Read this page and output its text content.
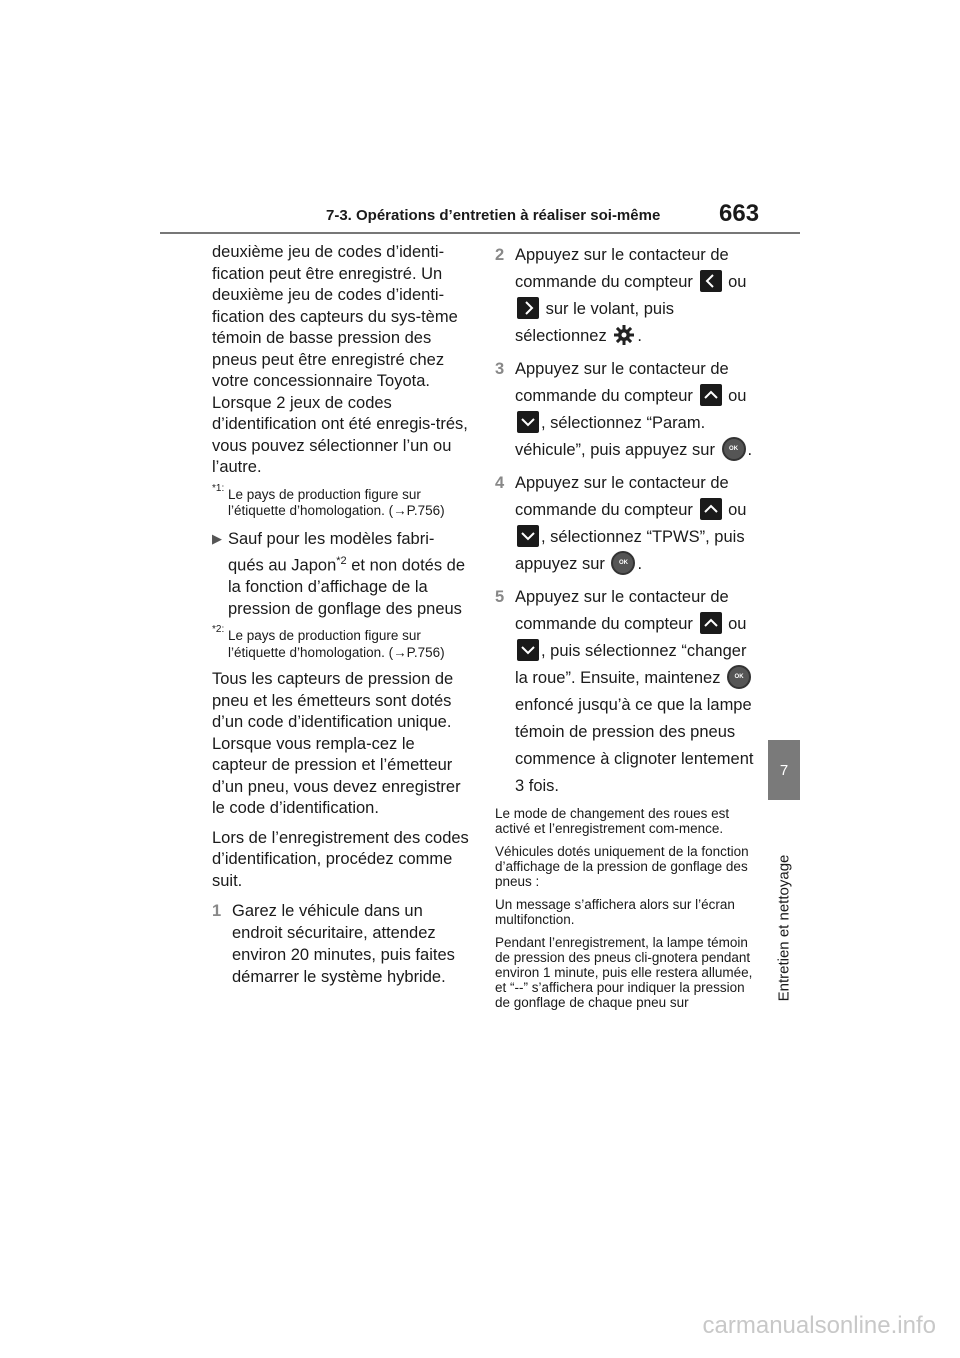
7-3. Opérations d’entretien à réaliser soi-même 663
7
Entretien et nettoyage

deuxième jeu de codes d’identi-fication peut être enregistré. Un deuxième jeu de codes d’identi-fication des capteurs du sys-tème témoin de basse pression des pneus peut être enregistré chez votre concessionnaire Toyota. Lorsque 2 jeux de codes d’identification ont été enregis-trés, vous pouvez sélectionner l’un ou l’autre.

*1: Le pays de production figure sur l’étiquette d’homologation. (→P.756)
▶ Sauf pour les modèles fabri-qués au Japon$^{*2}$ et non dotés de la fonction d’affichage de la pression de gonflage des pneus
*2: Le pays de production figure sur l’étiquette d’homologation. (→P.756)

Tous les capteurs de pression de pneu et les émetteurs sont dotés d’un code d’identification unique. Lorsque vous rempla-cez le capteur de pression et l’émetteur d’un pneu, vous devez enregistrer le code d’identification.

Lors de l’enregistrement des codes d’identification, procédez comme suit.

1 Garez le véhicule dans un endroit sécuritaire, attendez environ 20 minutes, puis faites démarrer le système hybride.
2 Appuyez sur le contacteur de commande du compteur
ou
sur le volant, puis sélectionnez .
3 Appuyez sur le contacteur de commande du compteur
ou
, sélectionnez “Param. véhicule”, puis appuyez sur OK .
4 Appuyez sur le contacteur de commande du compteur
ou
, sélectionnez “TPWS”, puis appuyez sur OK .
5 Appuyez sur le contacteur de commande du compteur
ou
, puis sélectionnez “changer la roue”. Ensuite, maintenez OK enfoncé jusqu’à ce que la lampe témoin de pression des pneus commence à clignoter lentement 3 fois.

Le mode de changement des roues est activé et l’enregistrement com-mence.

Véhicules dotés uniquement de la fonction d’affichage de la pression de gonflage des pneus :

Un message s’affichera alors sur l’écran multifonction.

Pendant l’enregistrement, la lampe témoin de pression des pneus cli-gnotera pendant environ 1 minute, puis elle restera allumée, et “--” s’affichera pour indiquer la pression de gonflage de chaque pneu sur

carmanualsonline.info
